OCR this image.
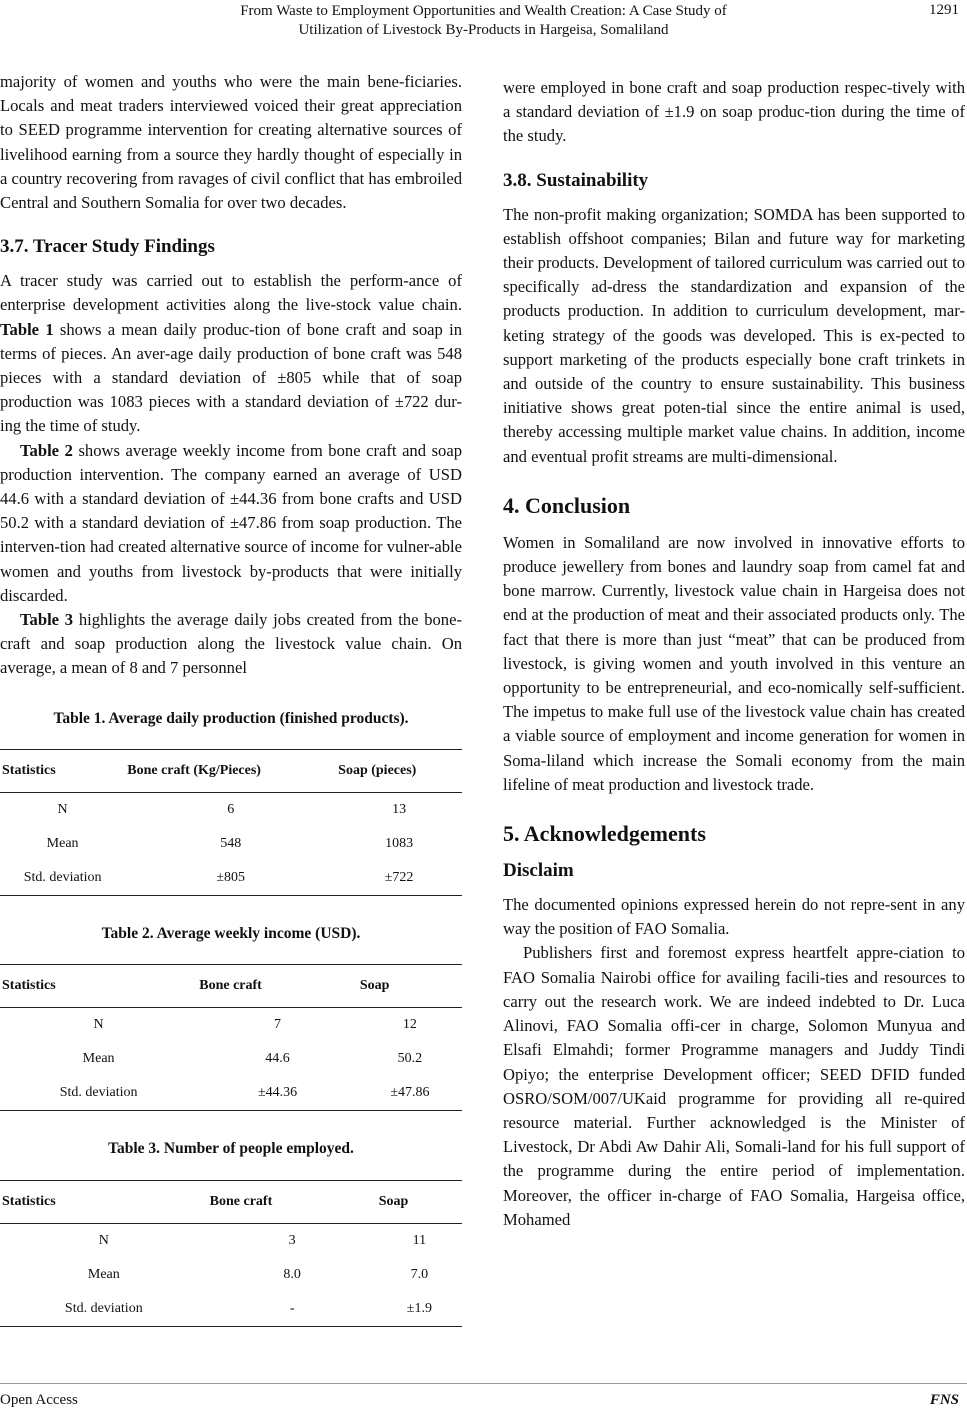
From Waste to Employment Opportunities and Wealth Creation: A Case Study of
Utilization of Livestock By-Products in Hargeisa, Somaliland
1291

majority of women and youths who were the main bene-ficiaries. Locals and meat traders interviewed voiced their great appreciation to SEED programme intervention for creating alternative sources of livelihood earning from a source they hardly thought of especially in a country recovering from ravages of civil conflict that has embroiled Central and Southern Somalia for over two decades.

3.7. Tracer Study Findings

A tracer study was carried out to establish the perform-ance of enterprise development activities along the live-stock value chain. Table 1 shows a mean daily produc-tion of bone craft and soap in terms of pieces. An aver-age daily production of bone craft was 548 pieces with a standard deviation of ±805 while that of soap production was 1083 pieces with a standard deviation of ±722 dur-ing the time of study.

Table 2 shows average weekly income from bone craft and soap production intervention. The company earned an average of USD 44.6 with a standard deviation of ±44.36 from bone crafts and USD 50.2 with a standard deviation of ±47.86 from soap production. The interven-tion had created alternative source of income for vulner-able women and youths from livestock by-products that were initially discarded.

Table 3 highlights the average daily jobs created from the bone-craft and soap production along the livestock value chain. On average, a mean of 8 and 7 personnel

Table 1. Average daily production (finished products).
Statistics	Bone craft (Kg/Pieces)	Soap (pieces)
N	6	13
Mean	548	1083
Std. deviation	±805	±722
Table 2. Average weekly income (USD).
Statistics	Bone craft	Soap
N	7	12
Mean	44.6	50.2
Std. deviation	±44.36	±47.86
Table 3. Number of people employed.
Statistics	Bone craft	Soap
N	3	11
Mean	8.0	7.0
Std. deviation	-	±1.9

were employed in bone craft and soap production respec-tively with a standard deviation of ±1.9 on soap produc-tion during the time of the study.

3.8. Sustainability

The non-profit making organization; SOMDA has been supported to establish offshoot companies; Bilan and future way for marketing their products. Development of tailored curriculum was carried out to specifically ad-dress the standardization and expansion of the products production. In addition to curriculum development, mar-keting strategy of the goods was developed. This is ex-pected to support marketing of the products especially bone craft trinkets in and outside of the country to ensure sustainability. This business initiative shows great poten-tial since the entire animal is used, thereby accessing multiple market value chains. In addition, income and eventual profit streams are multi-dimensional.

4. Conclusion

Women in Somaliland are now involved in innovative efforts to produce jewellery from bones and laundry soap from camel fat and bone marrow. Currently, livestock value chain in Hargeisa does not end at the production of meat and their associated products only. The fact that there is more than just “meat” that can be produced from livestock, is giving women and youth involved in this venture an opportunity to be entrepreneurial, and eco-nomically self-sufficient. The impetus to make full use of the livestock value chain has created a viable source of employment and income generation for women in Soma-liland which increase the Somali economy from the main lifeline of meat production and livestock trade.

5. Acknowledgements
Disclaim

The documented opinions expressed herein do not repre-sent in any way the position of FAO Somalia.

Publishers first and foremost express heartfelt appre-ciation to FAO Somalia Nairobi office for availing facili-ties and resources to carry out the research work. We are indeed indebted to Dr. Luca Alinovi, FAO Somalia offi-cer in charge, Solomon Munyua and Elsafi Elmahdi; former Programme managers and Juddy Tindi Opiyo; the enterprise Development officer; SEED DFID funded OSRO/SOM/007/UKaid programme for providing all re-quired resource material. Further acknowledged is the Minister of Livestock, Dr Abdi Aw Dahir Ali, Somali-land for his full support of the programme during the entire period of implementation. Moreover, the officer in-charge of FAO Somalia, Hargeisa office, Mohamed

Open Access	FNS
